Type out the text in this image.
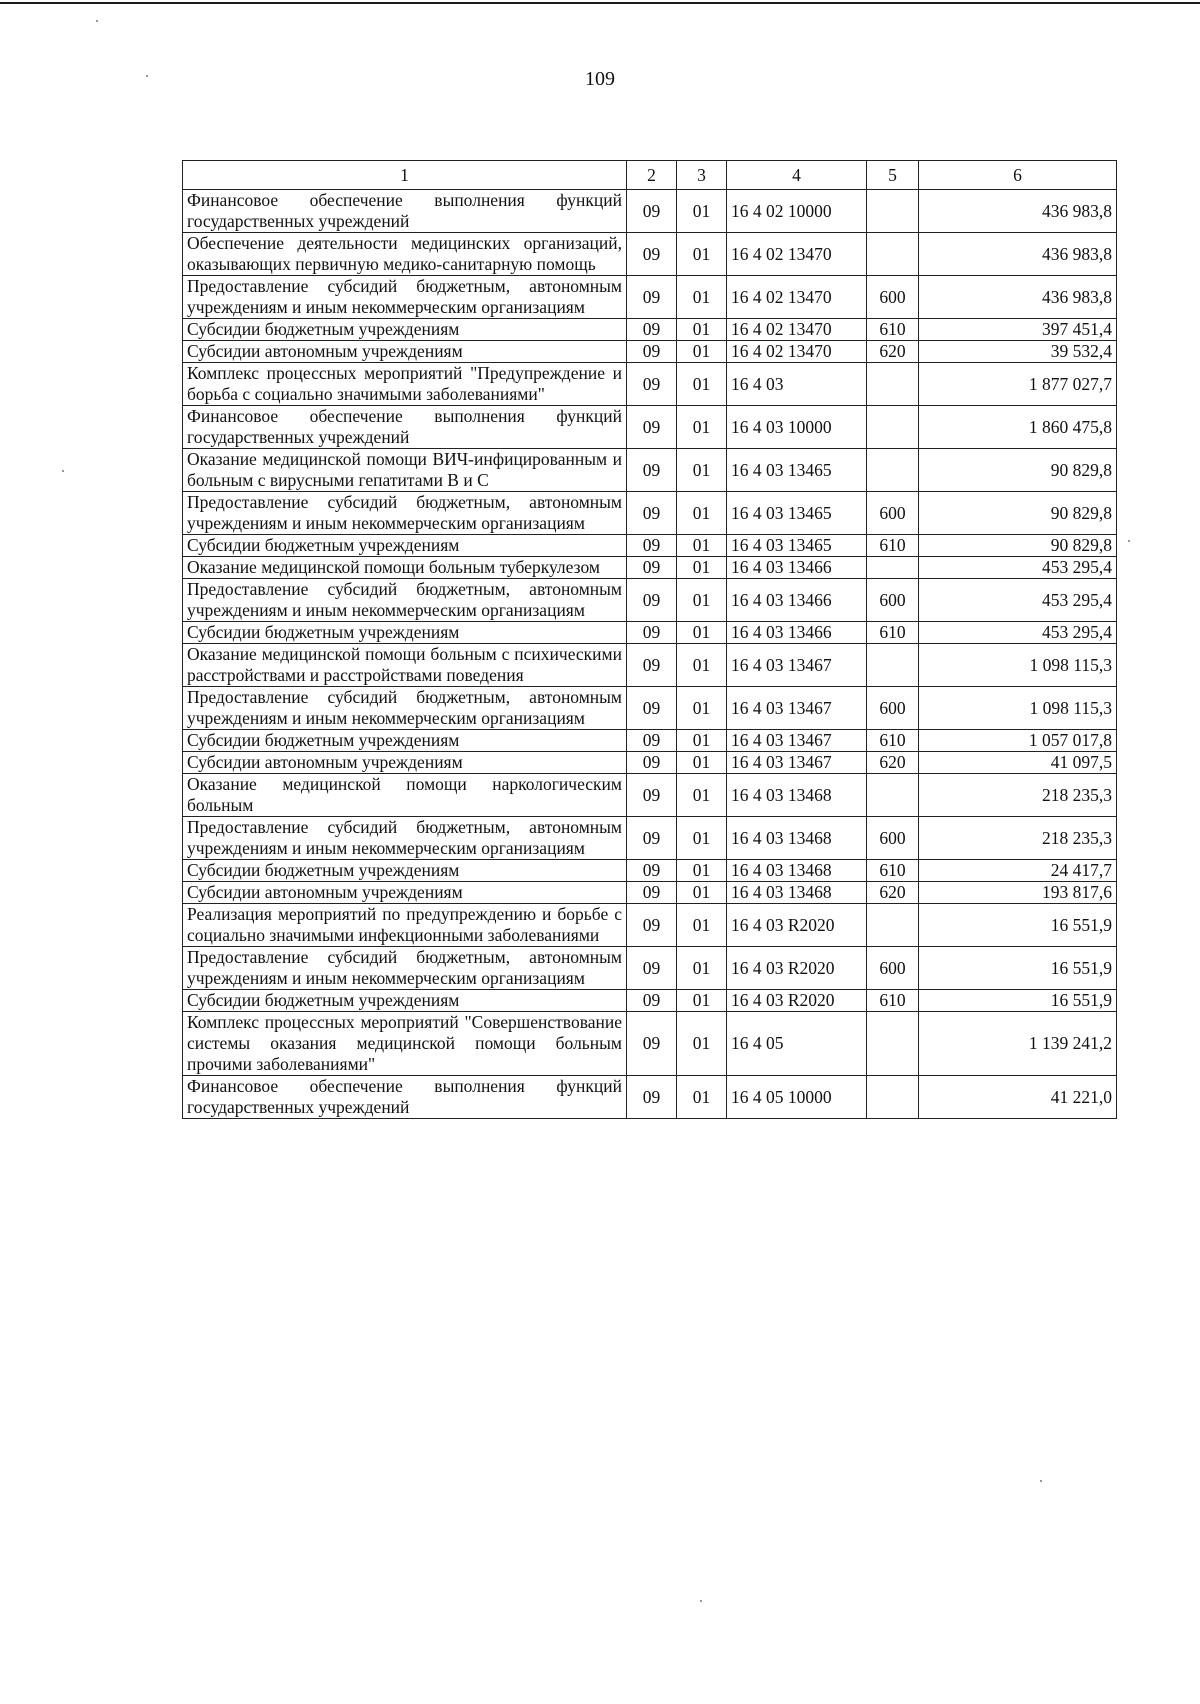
109
1	2	3	4	5	6
Финансовое обеспечение выполнения функций государственных учреждений	09	01	16 4 02 10000		436 983,8
Обеспечение деятельности медицинских организаций, оказывающих первичную медико-санитарную помощь	09	01	16 4 02 13470		436 983,8
Предоставление субсидий бюджетным, автономным учреждениям и иным некоммерческим организациям	09	01	16 4 02 13470	600	436 983,8
Субсидии бюджетным учреждениям	09	01	16 4 02 13470	610	397 451,4
Субсидии автономным учреждениям	09	01	16 4 02 13470	620	39 532,4
Комплекс процессных мероприятий "Предупреждение и борьба с социально значимыми заболеваниями"	09	01	16 4 03		1 877 027,7
Финансовое обеспечение выполнения функций государственных учреждений	09	01	16 4 03 10000		1 860 475,8
Оказание медицинской помощи ВИЧ-инфицированным и больным с вирусными гепатитами В и С	09	01	16 4 03 13465		90 829,8
Предоставление субсидий бюджетным, автономным учреждениям и иным некоммерческим организациям	09	01	16 4 03 13465	600	90 829,8
Субсидии бюджетным учреждениям	09	01	16 4 03 13465	610	90 829,8
Оказание медицинской помощи больным туберкулезом	09	01	16 4 03 13466		453 295,4
Предоставление субсидий бюджетным, автономным учреждениям и иным некоммерческим организациям	09	01	16 4 03 13466	600	453 295,4
Субсидии бюджетным учреждениям	09	01	16 4 03 13466	610	453 295,4
Оказание медицинской помощи больным с психическими расстройствами и расстройствами поведения	09	01	16 4 03 13467		1 098 115,3
Предоставление субсидий бюджетным, автономным учреждениям и иным некоммерческим организациям	09	01	16 4 03 13467	600	1 098 115,3
Субсидии бюджетным учреждениям	09	01	16 4 03 13467	610	1 057 017,8
Субсидии автономным учреждениям	09	01	16 4 03 13467	620	41 097,5
Оказание медицинской помощи наркологическим больным	09	01	16 4 03 13468		218 235,3
Предоставление субсидий бюджетным, автономным учреждениям и иным некоммерческим организациям	09	01	16 4 03 13468	600	218 235,3
Субсидии бюджетным учреждениям	09	01	16 4 03 13468	610	24 417,7
Субсидии автономным учреждениям	09	01	16 4 03 13468	620	193 817,6
Реализация мероприятий по предупреждению и борьбе с социально значимыми инфекционными заболеваниями	09	01	16 4 03 R2020		16 551,9
Предоставление субсидий бюджетным, автономным учреждениям и иным некоммерческим организациям	09	01	16 4 03 R2020	600	16 551,9
Субсидии бюджетным учреждениям	09	01	16 4 03 R2020	610	16 551,9
Комплекс процессных мероприятий "Совершенствование системы оказания медицинской помощи больным прочими заболеваниями"	09	01	16 4 05		1 139 241,2
Финансовое обеспечение выполнения функций государственных учреждений	09	01	16 4 05 10000		41 221,0
